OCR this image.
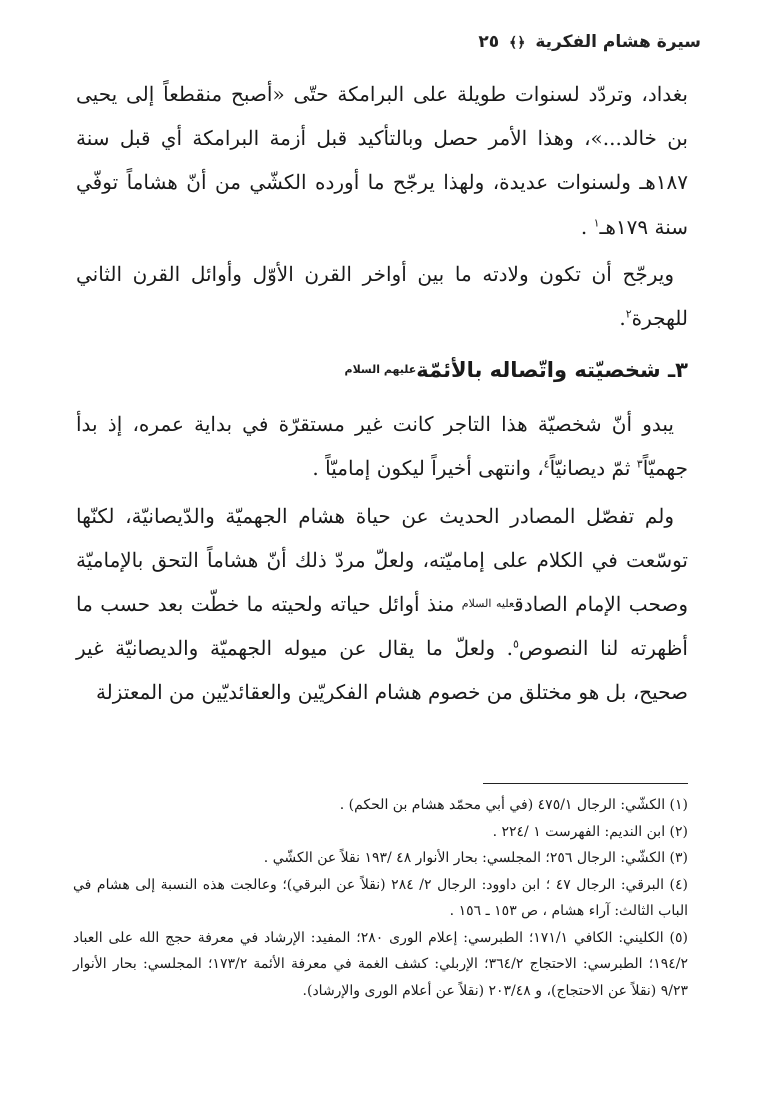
سيرة هشام الفكرية ﴿﴾ ٢٥

بغداد، وتردّد لسنوات طويلة على البرامكة حتّى «أصبح منقطعاً إلى يحيى بن خالد...»، وهذا الأمر حصل وبالتأكيد قبل أزمة البرامكة أي قبل سنة ١٨٧هـ ولسنوات عديدة، ولهذا يرجّح ما أورده الكشّي من أنّ هشاماً توفّي سنة ١٧٩هـ$^١$ .

ويرجّح أن تكون ولادته ما بين أواخر القرن الأوّل وأوائل القرن الثاني للهجرة$^٢$.

٣ـ شخصيّته واتّصاله بالأئمّة$^{عليهم السلام}$

يبدو أنّ شخصيّة هذا التاجر كانت غير مستقرّة في بداية عمره، إذ بدأ جهميّاً$^٣$ ثمّ ديصانيّاً$^٤$، وانتهى أخيراً ليكون إماميّاً .

ولم تفصّل المصادر الحديث عن حياة هشام الجهميّة والدّيصانيّة، لكنّها توسّعت في الكلام على إماميّته، ولعلّ مردّ ذلك أنّ هشاماً التحق بالإماميّة وصحب الإمام الصادق$^{عليه السلام}$ منذ أوائل حياته ولحيته ما خطّت بعد حسب ما أظهرته لنا النصوص$^٥$. ولعلّ ما يقال عن ميوله الجهميّة والديصانيّة غير صحيح، بل هو مختلق من خصوم هشام الفكريّين والعقائديّين من المعتزلة

(١) الكشّي: الرجال ٤٧٥/١ (في أبي محمّد هشام بن الحكم) .

(٢) ابن النديم: الفهرست ١ /٢٢٤ .

(٣) الكشّي: الرجال ٢٥٦؛ المجلسي: بحار الأنوار ٤٨ /١٩٣ نقلاً عن الكشّي .

(٤) البرقي: الرجال ٤٧ ؛ ابن داوود: الرجال ٢/ ٢٨٤ (نقلاً عن البرقي)؛ وعالجت هذه النسبة إلى هشام في الباب الثالث: آراء هشام ، ص ١٥٣ ـ ١٥٦ .

(٥) الكليني: الكافي ١٧١/١؛ الطبرسي: إعلام الورى ٢٨٠؛ المفيد: الإرشاد في معرفة حجج الله على العباد ١٩٤/٢؛ الطبرسي: الاحتجاج ٣٦٤/٢؛ الإربلي: كشف الغمة في معرفة الأئمة ١٧٣/٢؛ المجلسي: بحار الأنوار ٩/٢٣ (نقلاً عن الاحتجاج)، و ٢٠٣/٤٨ (نقلاً عن أعلام الورى والإرشاد).
